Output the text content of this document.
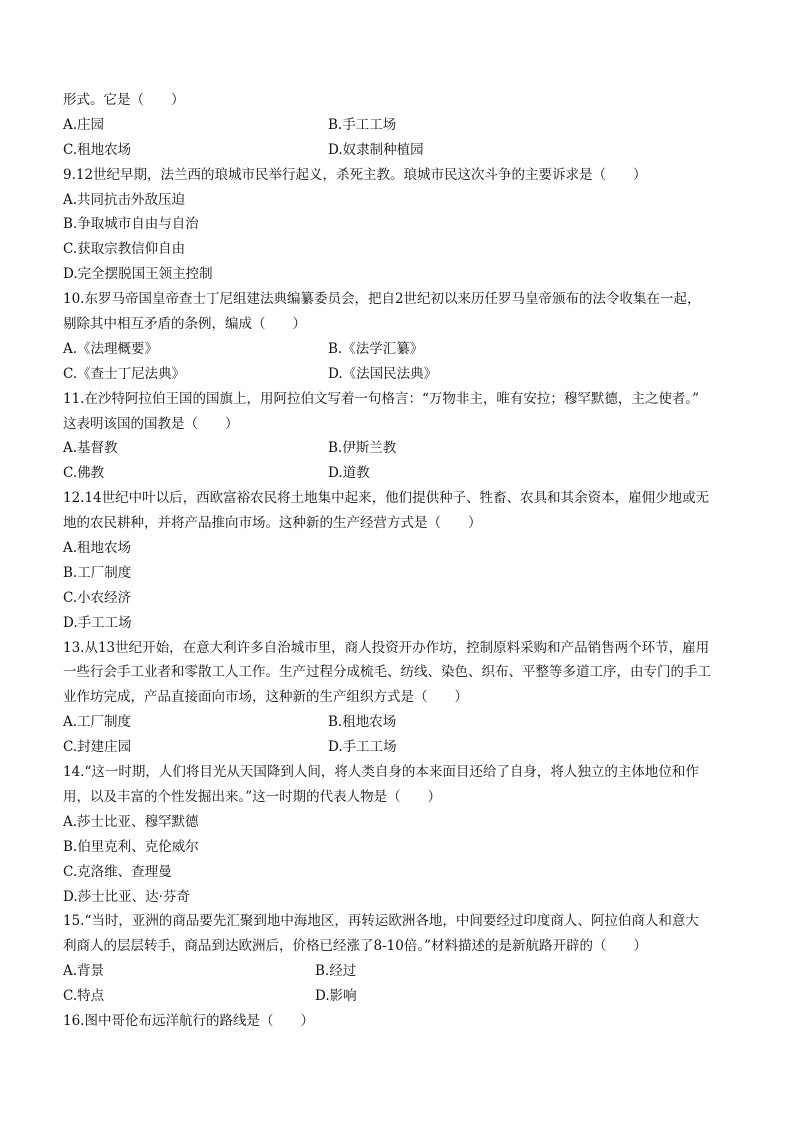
形式。它是（　　）
A.庄园	B.手工工场
C.租地农场	D.奴隶制种植园
9.12世纪早期，法兰西的琅城市民举行起义，杀死主教。琅城市民这次斗争的主要诉求是（　　）
A.共同抗击外敌压迫
B.争取城市自由与自治
C.获取宗教信仰自由
D.完全摆脱国王领主控制
10.东罗马帝国皇帝查士丁尼组建法典编纂委员会，把自2世纪初以来历任罗马皇帝颁布的法令收集在一起，
剔除其中相互矛盾的条例，编成（　　）
A.《法理概要》	B.《法学汇纂》
C.《查士丁尼法典》	D.《法国民法典》
11.在沙特阿拉伯王国的国旗上，用阿拉伯文写着一句格言：“万物非主，唯有安拉；穆罕默德，主之使者。”
这表明该国的国教是（　　）
A.基督教	B.伊斯兰教
C.佛教	D.道教
12.14世纪中叶以后，西欧富裕农民将土地集中起来，他们提供种子、牲畜、农具和其余资本，雇佣少地或无
地的农民耕种，并将产品推向市场。这种新的生产经营方式是（　　）
A.租地农场
B.工厂制度
C.小农经济
D.手工工场
13.从13世纪开始，在意大利许多自治城市里，商人投资开办作坊，控制原料采购和产品销售两个环节，雇用
一些行会手工业者和零散工人工作。生产过程分成梳毛、纺线、染色、织布、平整等多道工序，由专门的手工
业作坊完成，产品直接面向市场，这种新的生产组织方式是（　　）
A.工厂制度	B.租地农场
C.封建庄园	D.手工工场
14.“这一时期，人们将目光从天国降到人间，将人类自身的本来面目还给了自身，将人独立的主体地位和作
用，以及丰富的个性发掘出来。”这一时期的代表人物是（　　）
A.莎士比亚、穆罕默德
B.伯里克利、克伦威尔
C.克洛维、查理曼
D.莎士比亚、达·芬奇
15.“当时，亚洲的商品要先汇聚到地中海地区，再转运欧洲各地，中间要经过印度商人、阿拉伯商人和意大
利商人的层层转手，商品到达欧洲后，价格已经涨了8-10倍。”材料描述的是新航路开辟的（　　）
A.背景	B.经过
C.特点	D.影响
16.图中哥伦布远洋航行的路线是（　　）
